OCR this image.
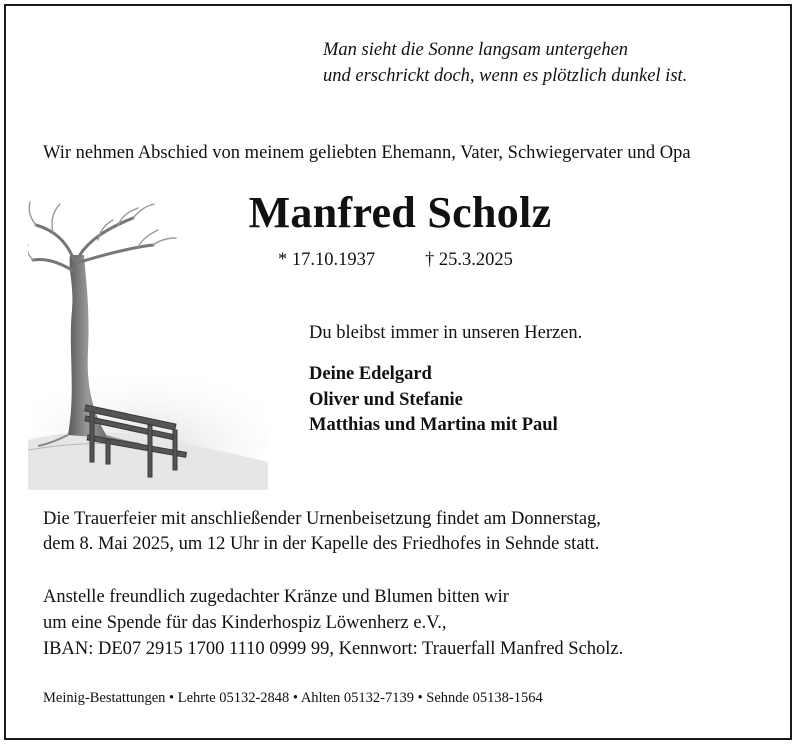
Man sieht die Sonne langsam untergehen
und erschrickt doch, wenn es plötzlich dunkel ist.
Wir nehmen Abschied von meinem geliebten Ehemann, Vater, Schwiegervater und Opa
Manfred Scholz
* 17.10.1937	† 25.3.2025
Du bleibst immer in unseren Herzen.
Deine Edelgard
Oliver und Stefanie
Matthias und Martina mit Paul
Die Trauerfeier mit anschließender Urnenbeisetzung findet am Donnerstag,
dem 8. Mai 2025, um 12 Uhr in der Kapelle des Friedhofes in Sehnde statt.
Anstelle freundlich zugedachter Kränze und Blumen bitten wir
um eine Spende für das Kinderhospiz Löwenherz e.V.,
IBAN: DE07 2915 1700 1110 0999 99, Kennwort: Trauerfall Manfred Scholz.
Meinig-Bestattungen • Lehrte 05132-2848 • Ahlten 05132-7139 • Sehnde 05138-1564
